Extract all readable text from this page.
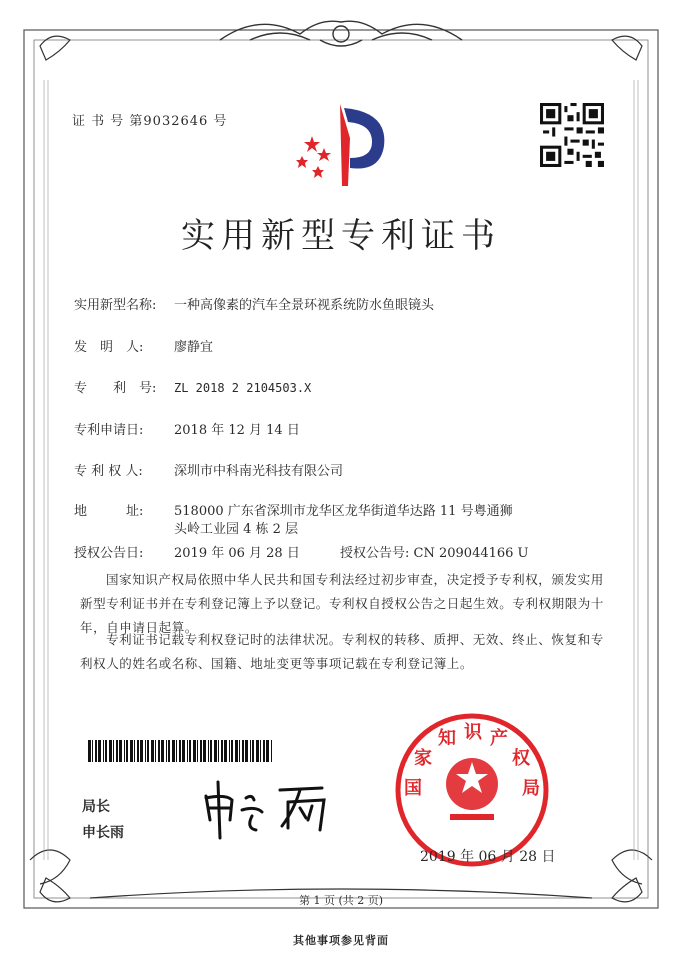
证 书 号 第9032646 号
实用新型专利证书
实用新型名称: 一种高像素的汽车全景环视系统防水鱼眼镜头
发　明　人: 廖静宜
专　　利　号: ZL 2018 2 2104503.X
专利申请日: 2018 年 12 月 14 日
专 利 权 人: 深圳市中科南光科技有限公司
地　　　址: 518000 广东省深圳市龙华区龙华街道华达路 11 号粤通狮
头岭工业园 4 栋 2 层
授权公告日: 2019 年 06 月 28 日	授权公告号: CN 209044166 U
国家知识产权局依照中华人民共和国专利法经过初步审查，决定授予专利权，颁发实用新型专利证书并在专利登记簿上予以登记。专利权自授权公告之日起生效。专利权期限为十年，自申请日起算。
专利证书记载专利权登记时的法律状况。专利权的转移、质押、无效、终止、恢复和专利权人的姓名或名称、国籍、地址变更等事项记载在专利登记簿上。
局长
申长雨
国
家
知 识 产
权
局
2019 年 06 月 28 日
第 1 页 (共 2 页)
其他事项参见背面
